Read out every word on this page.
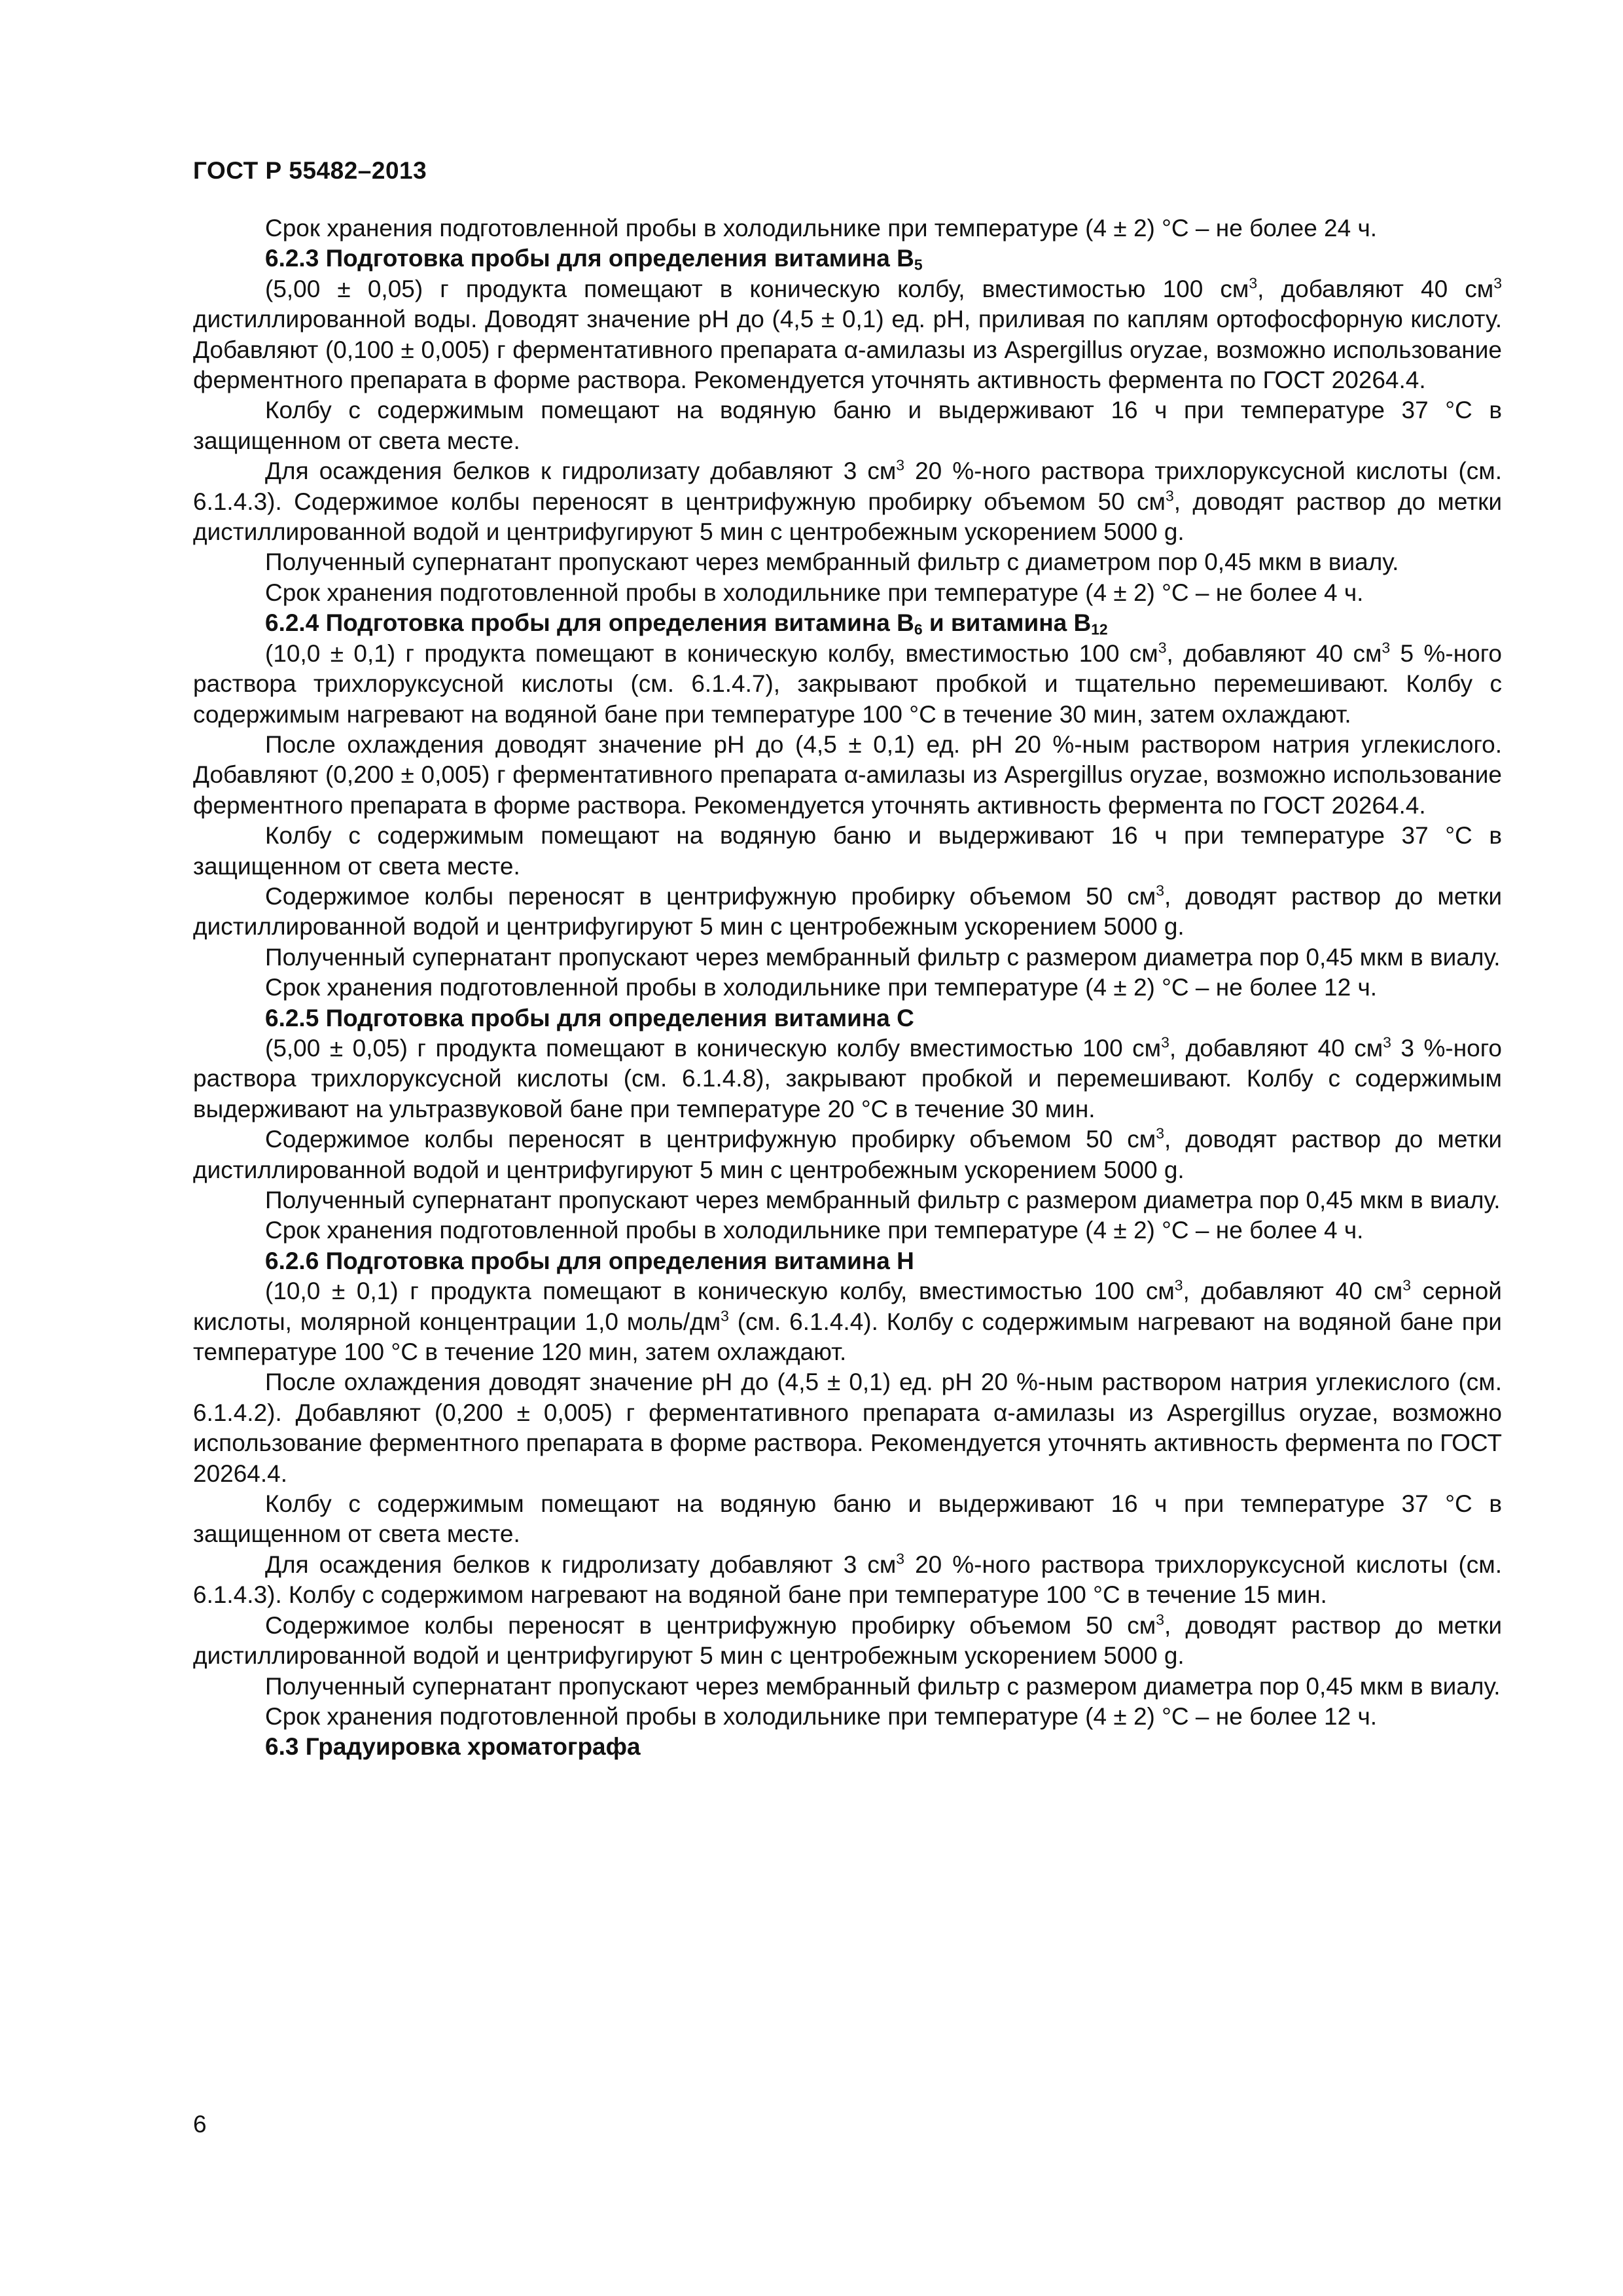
ГОСТ Р 55482–2013

Срок хранения подготовленной пробы в холодильнике при температуре (4 ± 2) °С – не более 24 ч.

6.2.3 Подготовка пробы для определения витамина $B_5$

(5,00 ± 0,05) г продукта помещают в коническую колбу, вместимостью 100 $см^3$, добавляют 40 $см^3$ дистиллированной воды. Доводят значение pH до (4,5 ± 0,1) ед. pH, приливая по каплям ортофосфорную кислоту. Добавляют (0,100 ± 0,005) г ферментативного препарата α-амилазы из Aspergillus oryzae, возможно использование ферментного препарата в форме раствора. Рекомендуется уточнять активность фермента по ГОСТ 20264.4.

Колбу с содержимым помещают на водяную баню и выдерживают 16 ч при температуре 37 °С в защищенном от света месте.

Для осаждения белков к гидролизату добавляют 3 $см^3$ 20 %-ного раствора трихлоруксусной кислоты (см. 6.1.4.3). Содержимое колбы переносят в центрифужную пробирку объемом 50 $см^3$, доводят раствор до метки дистиллированной водой и центрифугируют 5 мин с центробежным ускорением 5000 g.

Полученный супернатант пропускают через мембранный фильтр с диаметром пор 0,45 мкм в виалу.

Срок хранения подготовленной пробы в холодильнике при температуре (4 ± 2) °С – не более 4 ч.

6.2.4 Подготовка пробы для определения витамина $B_6$ и витамина $B_{12}$

(10,0 ± 0,1) г продукта помещают в коническую колбу, вместимостью 100 $см^3$, добавляют 40 $см^3$ 5 %-ного раствора трихлоруксусной кислоты (см. 6.1.4.7), закрывают пробкой и тщательно перемешивают. Колбу с содержимым нагревают на водяной бане при температуре 100 °С в течение 30 мин, затем охлаждают.

После охлаждения доводят значение pH до (4,5 ± 0,1) ед. pH 20 %-ным раствором натрия углекислого. Добавляют (0,200 ± 0,005) г ферментативного препарата α-амилазы из Aspergillus oryzae, возможно использование ферментного препарата в форме раствора. Рекомендуется уточнять активность фермента по ГОСТ 20264.4.

Колбу с содержимым помещают на водяную баню и выдерживают 16 ч при температуре 37 °С в защищенном от света месте.

Содержимое колбы переносят в центрифужную пробирку объемом 50 $см^3$, доводят раствор до метки дистиллированной водой и центрифугируют 5 мин с центробежным ускорением 5000 g.

Полученный супернатант пропускают через мембранный фильтр с размером диаметра пор 0,45 мкм в виалу.

Срок хранения подготовленной пробы в холодильнике при температуре (4 ± 2) °С – не более 12 ч.

6.2.5 Подготовка пробы для определения витамина С

(5,00 ± 0,05) г продукта помещают в коническую колбу вместимостью 100 $см^3$, добавляют 40 $см^3$ 3 %-ного раствора трихлоруксусной кислоты (см. 6.1.4.8), закрывают пробкой и перемешивают. Колбу с содержимым выдерживают на ультразвуковой бане при температуре 20 °С в течение 30 мин.

Содержимое колбы переносят в центрифужную пробирку объемом 50 $см^3$, доводят раствор до метки дистиллированной водой и центрифугируют 5 мин с центробежным ускорением 5000 g.

Полученный супернатант пропускают через мембранный фильтр с размером диаметра пор 0,45 мкм в виалу.

Срок хранения подготовленной пробы в холодильнике при температуре (4 ± 2) °С – не более 4 ч.

6.2.6 Подготовка пробы для определения витамина Н

(10,0 ± 0,1) г продукта помещают в коническую колбу, вместимостью 100 $см^3$, добавляют 40 $см^3$ серной кислоты, молярной концентрации 1,0 моль/$дм^3$ (см. 6.1.4.4). Колбу с содержимым нагревают на водяной бане при температуре 100 °С в течение 120 мин, затем охлаждают.

После охлаждения доводят значение pH до (4,5 ± 0,1) ед. pH 20 %-ным раствором натрия углекислого (см. 6.1.4.2). Добавляют (0,200 ± 0,005) г ферментативного препарата α-амилазы из Aspergillus oryzae, возможно использование ферментного препарата в форме раствора. Рекомендуется уточнять активность фермента по ГОСТ 20264.4.

Колбу с содержимым помещают на водяную баню и выдерживают 16 ч при температуре 37 °С в защищенном от света месте.

Для осаждения белков к гидролизату добавляют 3 $см^3$ 20 %-ного раствора трихлоруксусной кислоты (см. 6.1.4.3). Колбу с содержимом нагревают на водяной бане при температуре 100 °С в течение 15 мин.

Содержимое колбы переносят в центрифужную пробирку объемом 50 $см^3$, доводят раствор до метки дистиллированной водой и центрифугируют 5 мин с центробежным ускорением 5000 g.

Полученный супернатант пропускают через мембранный фильтр с размером диаметра пор 0,45 мкм в виалу.

Срок хранения подготовленной пробы в холодильнике при температуре (4 ± 2) °С – не более 12 ч.

6.3 Градуировка хроматографа

6
